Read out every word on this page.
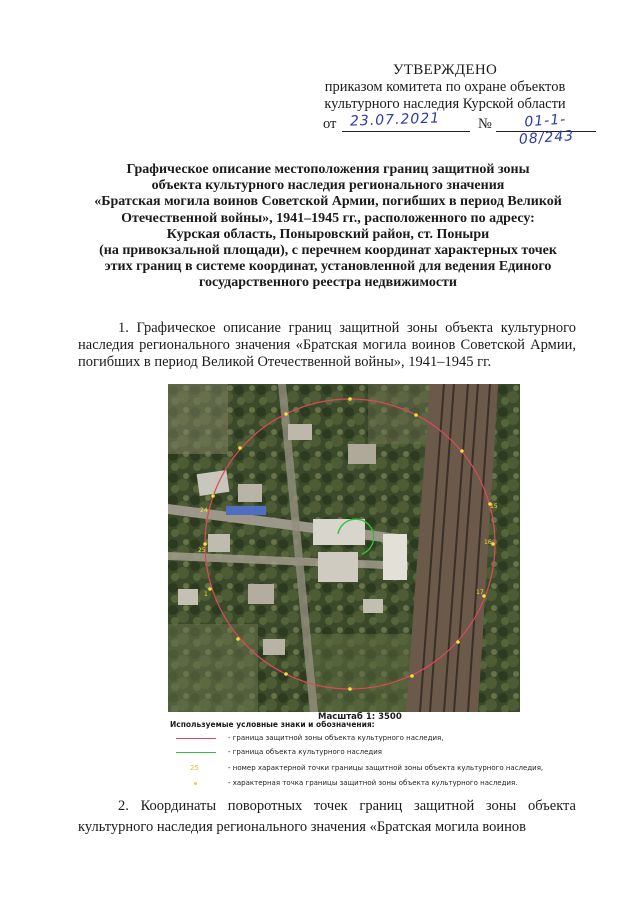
УТВЕРЖДЕНО
приказом комитета по охране объектов
культурного наследия Курской области
от 23.07.2021	№	01-1-08/243
Графическое описание местоположения границ защитной зоны
объекта культурного наследия регионального значения
«Братская могила воинов Советской Армии, погибших в период Великой
Отечественной войны», 1941–1945 гг., расположенного по адресу:
Курская область, Поныровский район, ст. Поныри
(на привокзальной площади), с перечнем координат характерных точек
этих границ в системе координат, установленной для ведения Единого
государственного реестра недвижимости
1. Графическое описание границ защитной зоны объекта культурного наследия регионального значения «Братская могила воинов Советской Армии, погибших в период Великой Отечественной войны», 1941–1945 гг.
15
16
17
24
25
1
Масштаб 1: 3500
Используемые условные знаки и обозначения:
- граница защитной зоны объекта культурного наследия,
- граница объекта культурного наследия
25	- номер характерной точки границы защитной зоны объекта культурного наследия,
- характерная точка границы защитной зоны объекта культурного наследия.
2. Координаты поворотных точек границ защитной зоны объекта культурного наследия регионального значения «Братская могила воинов
